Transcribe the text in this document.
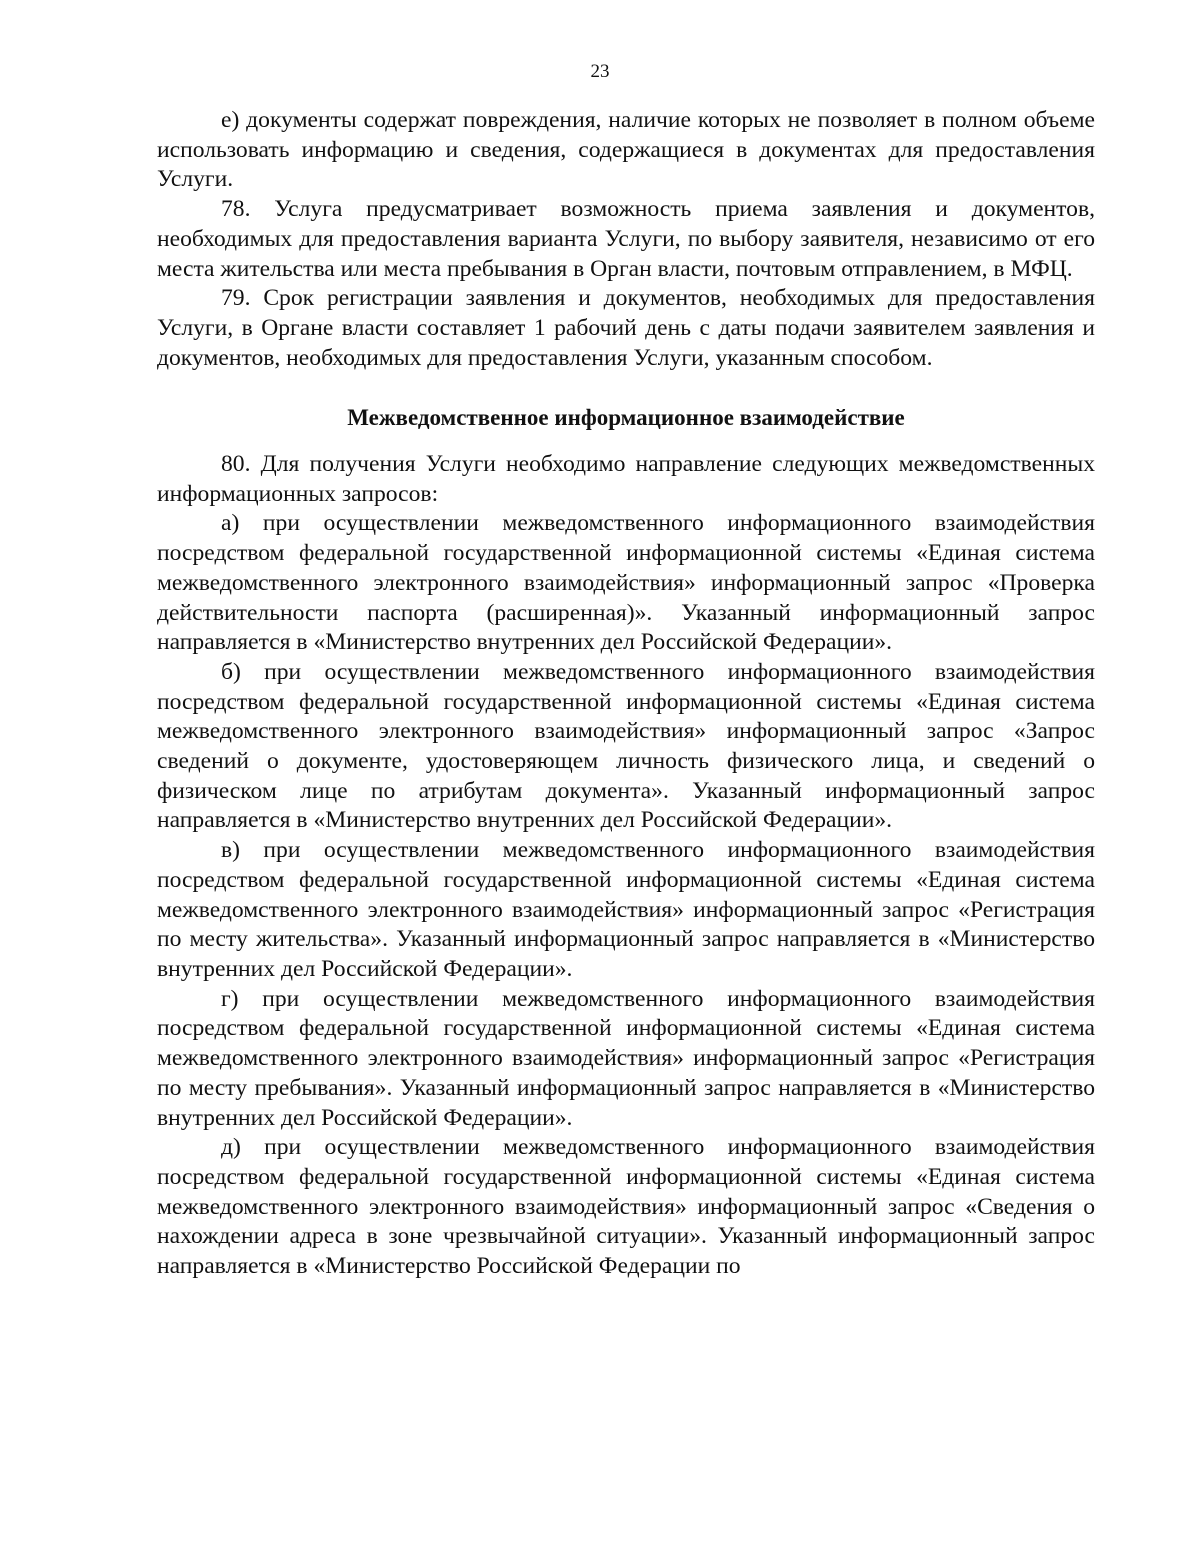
23

е) документы содержат повреждения, наличие которых не позволяет в полном объеме использовать информацию и сведения, содержащиеся в документах для предоставления Услуги.

78. Услуга предусматривает возможность приема заявления и документов, необходимых для предоставления варианта Услуги, по выбору заявителя, независимо от его места жительства или места пребывания в Орган власти, почтовым отправлением, в МФЦ.

79. Срок регистрации заявления и документов, необходимых для предоставления Услуги, в Органе власти составляет 1 рабочий день с даты подачи заявителем заявления и документов, необходимых для предоставления Услуги, указанным способом.

Межведомственное информационное взаимодействие

80. Для получения Услуги необходимо направление следующих межведомственных информационных запросов:

а) при осуществлении межведомственного информационного взаимодействия посредством федеральной государственной информационной системы «Единая система межведомственного электронного взаимодействия» информационный запрос «Проверка действительности паспорта (расширенная)». Указанный информационный запрос направляется в «Министерство внутренних дел Российской Федерации».

б) при осуществлении межведомственного информационного взаимодействия посредством федеральной государственной информационной системы «Единая система межведомственного электронного взаимодействия» информационный запрос «Запрос сведений о документе, удостоверяющем личность физического лица, и сведений о физическом лице по атрибутам документа». Указанный информационный запрос направляется в «Министерство внутренних дел Российской Федерации».

в) при осуществлении межведомственного информационного взаимодействия посредством федеральной государственной информационной системы «Единая система межведомственного электронного взаимодействия» информационный запрос «Регистрация по месту жительства». Указанный информационный запрос направляется в «Министерство внутренних дел Российской Федерации».

г) при осуществлении межведомственного информационного взаимодействия посредством федеральной государственной информационной системы «Единая система межведомственного электронного взаимодействия» информационный запрос «Регистрация по месту пребывания». Указанный информационный запрос направляется в «Министерство внутренних дел Российской Федерации».

д) при осуществлении межведомственного информационного взаимодействия посредством федеральной государственной информационной системы «Единая система межведомственного электронного взаимодействия» информационный запрос «Сведения о нахождении адреса в зоне чрезвычайной ситуации». Указанный информационный запрос направляется в «Министерство Российской Федерации по
